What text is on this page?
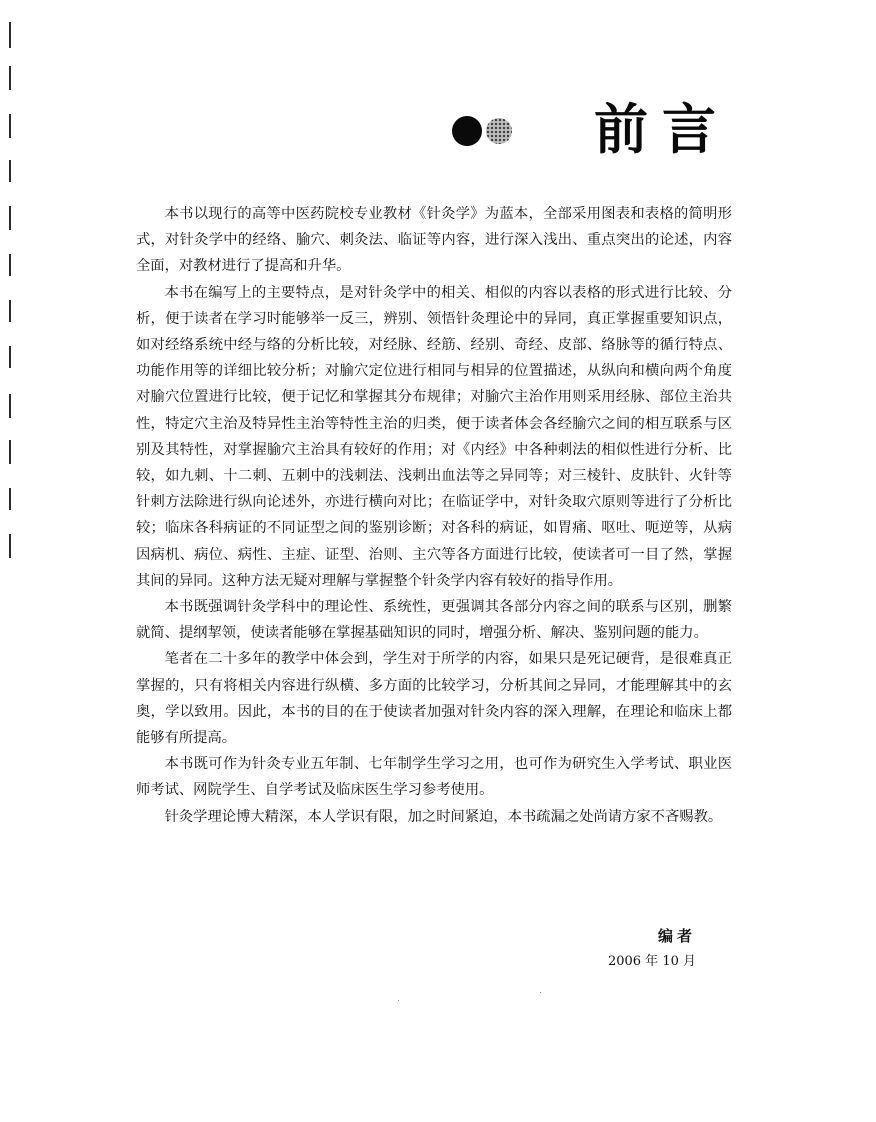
前言

本书以现行的高等中医药院校专业教材《针灸学》为蓝本，全部采用图表和表格的简明形式，对针灸学中的经络、腧穴、刺灸法、临证等内容，进行深入浅出、重点突出的论述，内容全面，对教材进行了提高和升华。

本书在编写上的主要特点，是对针灸学中的相关、相似的内容以表格的形式进行比较、分析，便于读者在学习时能够举一反三，辨别、领悟针灸理论中的异同，真正掌握重要知识点，如对经络系统中经与络的分析比较，对经脉、经筋、经别、奇经、皮部、络脉等的循行特点、功能作用等的详细比较分析；对腧穴定位进行相同与相异的位置描述，从纵向和横向两个角度对腧穴位置进行比较，便于记忆和掌握其分布规律；对腧穴主治作用则采用经脉、部位主治共性，特定穴主治及特异性主治等特性主治的归类，便于读者体会各经腧穴之间的相互联系与区别及其特性，对掌握腧穴主治具有较好的作用；对《内经》中各种刺法的相似性进行分析、比较，如九刺、十二刺、五刺中的浅刺法、浅刺出血法等之异同等；对三棱针、皮肤针、火针等针刺方法除进行纵向论述外，亦进行横向对比；在临证学中，对针灸取穴原则等进行了分析比较；临床各科病证的不同证型之间的鉴别诊断；对各科的病证，如胃痛、呕吐、呃逆等，从病因病机、病位、病性、主症、证型、治则、主穴等各方面进行比较，使读者可一目了然，掌握其间的异同。这种方法无疑对理解与掌握整个针灸学内容有较好的指导作用。

本书既强调针灸学科中的理论性、系统性，更强调其各部分内容之间的联系与区别，删繁就简、提纲挈领，使读者能够在掌握基础知识的同时，增强分析、解决、鉴别问题的能力。

笔者在二十多年的教学中体会到，学生对于所学的内容，如果只是死记硬背，是很难真正掌握的，只有将相关内容进行纵横、多方面的比较学习，分析其间之异同，才能理解其中的玄奥，学以致用。因此，本书的目的在于使读者加强对针灸内容的深入理解，在理论和临床上都能够有所提高。

本书既可作为针灸专业五年制、七年制学生学习之用，也可作为研究生入学考试、职业医师考试、网院学生、自学考试及临床医生学习参考使用。

针灸学理论博大精深，本人学识有限，加之时间紧迫，本书疏漏之处尚请方家不吝赐教。

编者
2006 年 10 月
